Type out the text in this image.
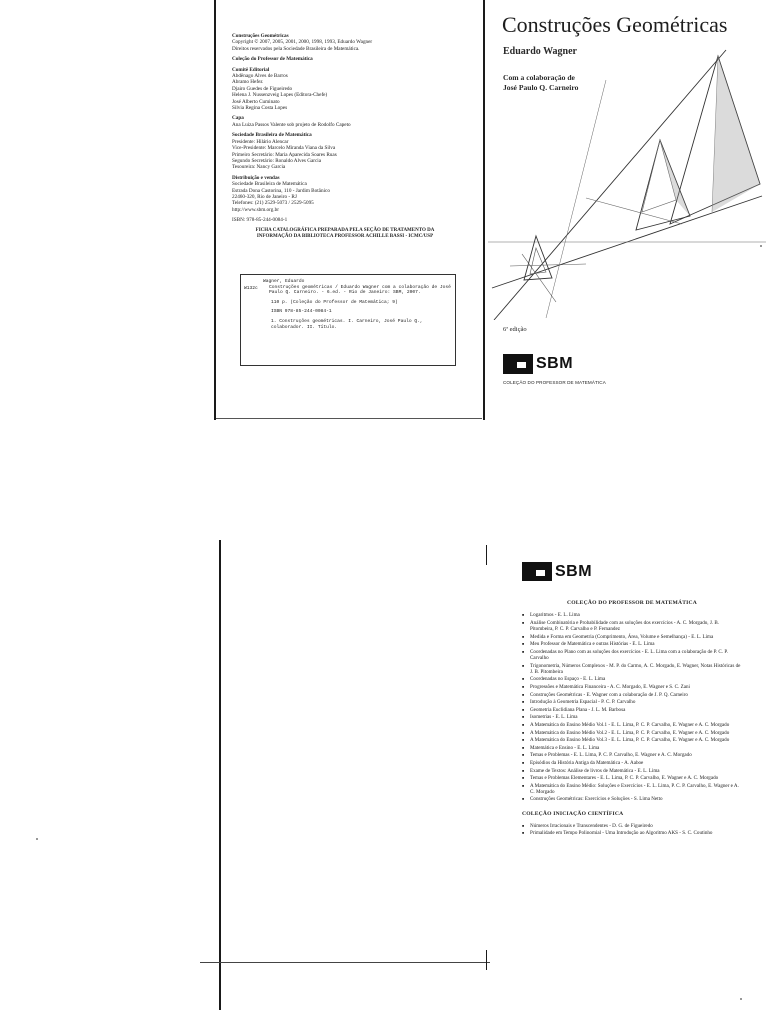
Construções Geométricas
Copyright © 2007, 2005, 2001, 2000, 1998, 1993, Eduardo Wagner
Direitos reservados pela Sociedade Brasileira de Matemática.
Coleção do Professor de Matemática
Comitê Editorial
Abdênago Alves de Barros
Abramo Hefez
Djairo Guedes de Figueiredo
Helena J. Nussenzveig Lopes (Editora-Chefe)
José Alberto Cuminato
Silvia Regina Costa Lopes
Capa
Ana Luiza Passos Valente sob projeto de Rodolfo Capeto
Sociedade Brasileira de Matemática
Presidente: Hilário Alencar
Vice-Presidente: Marcelo Miranda Viana da Silva
Primeiro Secretário: Maria Aparecida Soares Ruas
Segundo Secretário: Ronaldo Alves Garcia
Tesoureira: Nancy Garcia
Distribuição e vendas
Sociedade Brasileira de Matemática
Estrada Dona Castorina, 110 - Jardim Botânico
22460-320, Rio de Janeiro - RJ
Telefones: (21) 2529-5073 / 2529-5095
http://www.sbm.org.br
ISBN: 978-85-244-0084-1
FICHA CATALOGRÁFICA PREPARADA PELA SEÇÃO DE TRATAMENTO DA
INFORMAÇÃO DA BIBLIOTECA PROFESSOR ACHILLE BASSI - ICMC/USP
W132c
Wagner, Eduardo
Construções geométricas / Eduardo Wagner com a colaboração de José Paulo Q. Carneiro. - 6.ed. - Rio de Janeiro: SBM, 2007.
110 p. (Coleção do Professor de Matemática; 9)
ISBN 978-85-244-0084-1
1. Construções geométricas. I. Carneiro, José Paulo Q., colaborador. II. Título.
Construções Geométricas
Eduardo Wagner
Com a colaboração de
José Paulo Q. Carneiro
6ª edição
SBM
COLEÇÃO DO PROFESSOR DE MATEMÁTICA
SBM
COLEÇÃO DO PROFESSOR DE MATEMÁTICA
■ Logaritmos - E. L. Lima
■ Análise Combinatória e Probabilidade com as soluções dos exercícios - A. C. Morgado, J. B. Pitombeira, P. C. P. Carvalho e P. Fernandez
■ Medida e Forma em Geometria (Comprimento, Área, Volume e Semelhança) - E. L. Lima
■ Meu Professor de Matemática e outras Histórias - E. L. Lima
■ Coordenadas no Plano com as soluções dos exercícios - E. L. Lima com a colaboração de P. C. P. Carvalho
■ Trigonometria, Números Complexos - M. P. do Carmo, A. C. Morgado, E. Wagner, Notas Históricas de J. B. Pitombeira
■ Coordenadas no Espaço - E. L. Lima
■ Progressões e Matemática Financeira - A. C. Morgado, E. Wagner e S. C. Zani
■ Construções Geométricas - E. Wagner com a colaboração de J. P. Q. Carneiro
■ Introdução à Geometria Espacial - P. C. P. Carvalho
■ Geometria Euclidiana Plana - J. L. M. Barbosa
■ Isometrias - E. L. Lima
■ A Matemática do Ensino Médio Vol.1 - E. L. Lima, P. C. P. Carvalho, E. Wagner e A. C. Morgado
■ A Matemática do Ensino Médio Vol.2 - E. L. Lima, P. C. P. Carvalho, E. Wagner e A. C. Morgado
■ A Matemática do Ensino Médio Vol.3 - E. L. Lima, P. C. P. Carvalho, E. Wagner e A. C. Morgado
■ Matemática e Ensino - E. L. Lima
■ Temas e Problemas - E. L. Lima, P. C. P. Carvalho, E. Wagner e A. C. Morgado
■ Episódios da História Antiga da Matemática - A. Aaboe
■ Exame de Textos: Análise de livros de Matemática - E. L. Lima
■ Temas e Problemas Elementares - E. L. Lima, P. C. P. Carvalho, E. Wagner e A. C. Morgado
■ A Matemática do Ensino Médio: Soluções e Exercícios - E. L. Lima, P. C. P. Carvalho, E. Wagner e A. C. Morgado
■ Construções Geométricas: Exercícios e Soluções - S. Lima Netto
COLEÇÃO INICIAÇÃO CIENTÍFICA
■ Números Irracionais e Transcendentes - D. G. de Figueiredo
■ Primalidade em Tempo Polinomial - Uma Introdução ao Algoritmo AKS - S. C. Coutinho
